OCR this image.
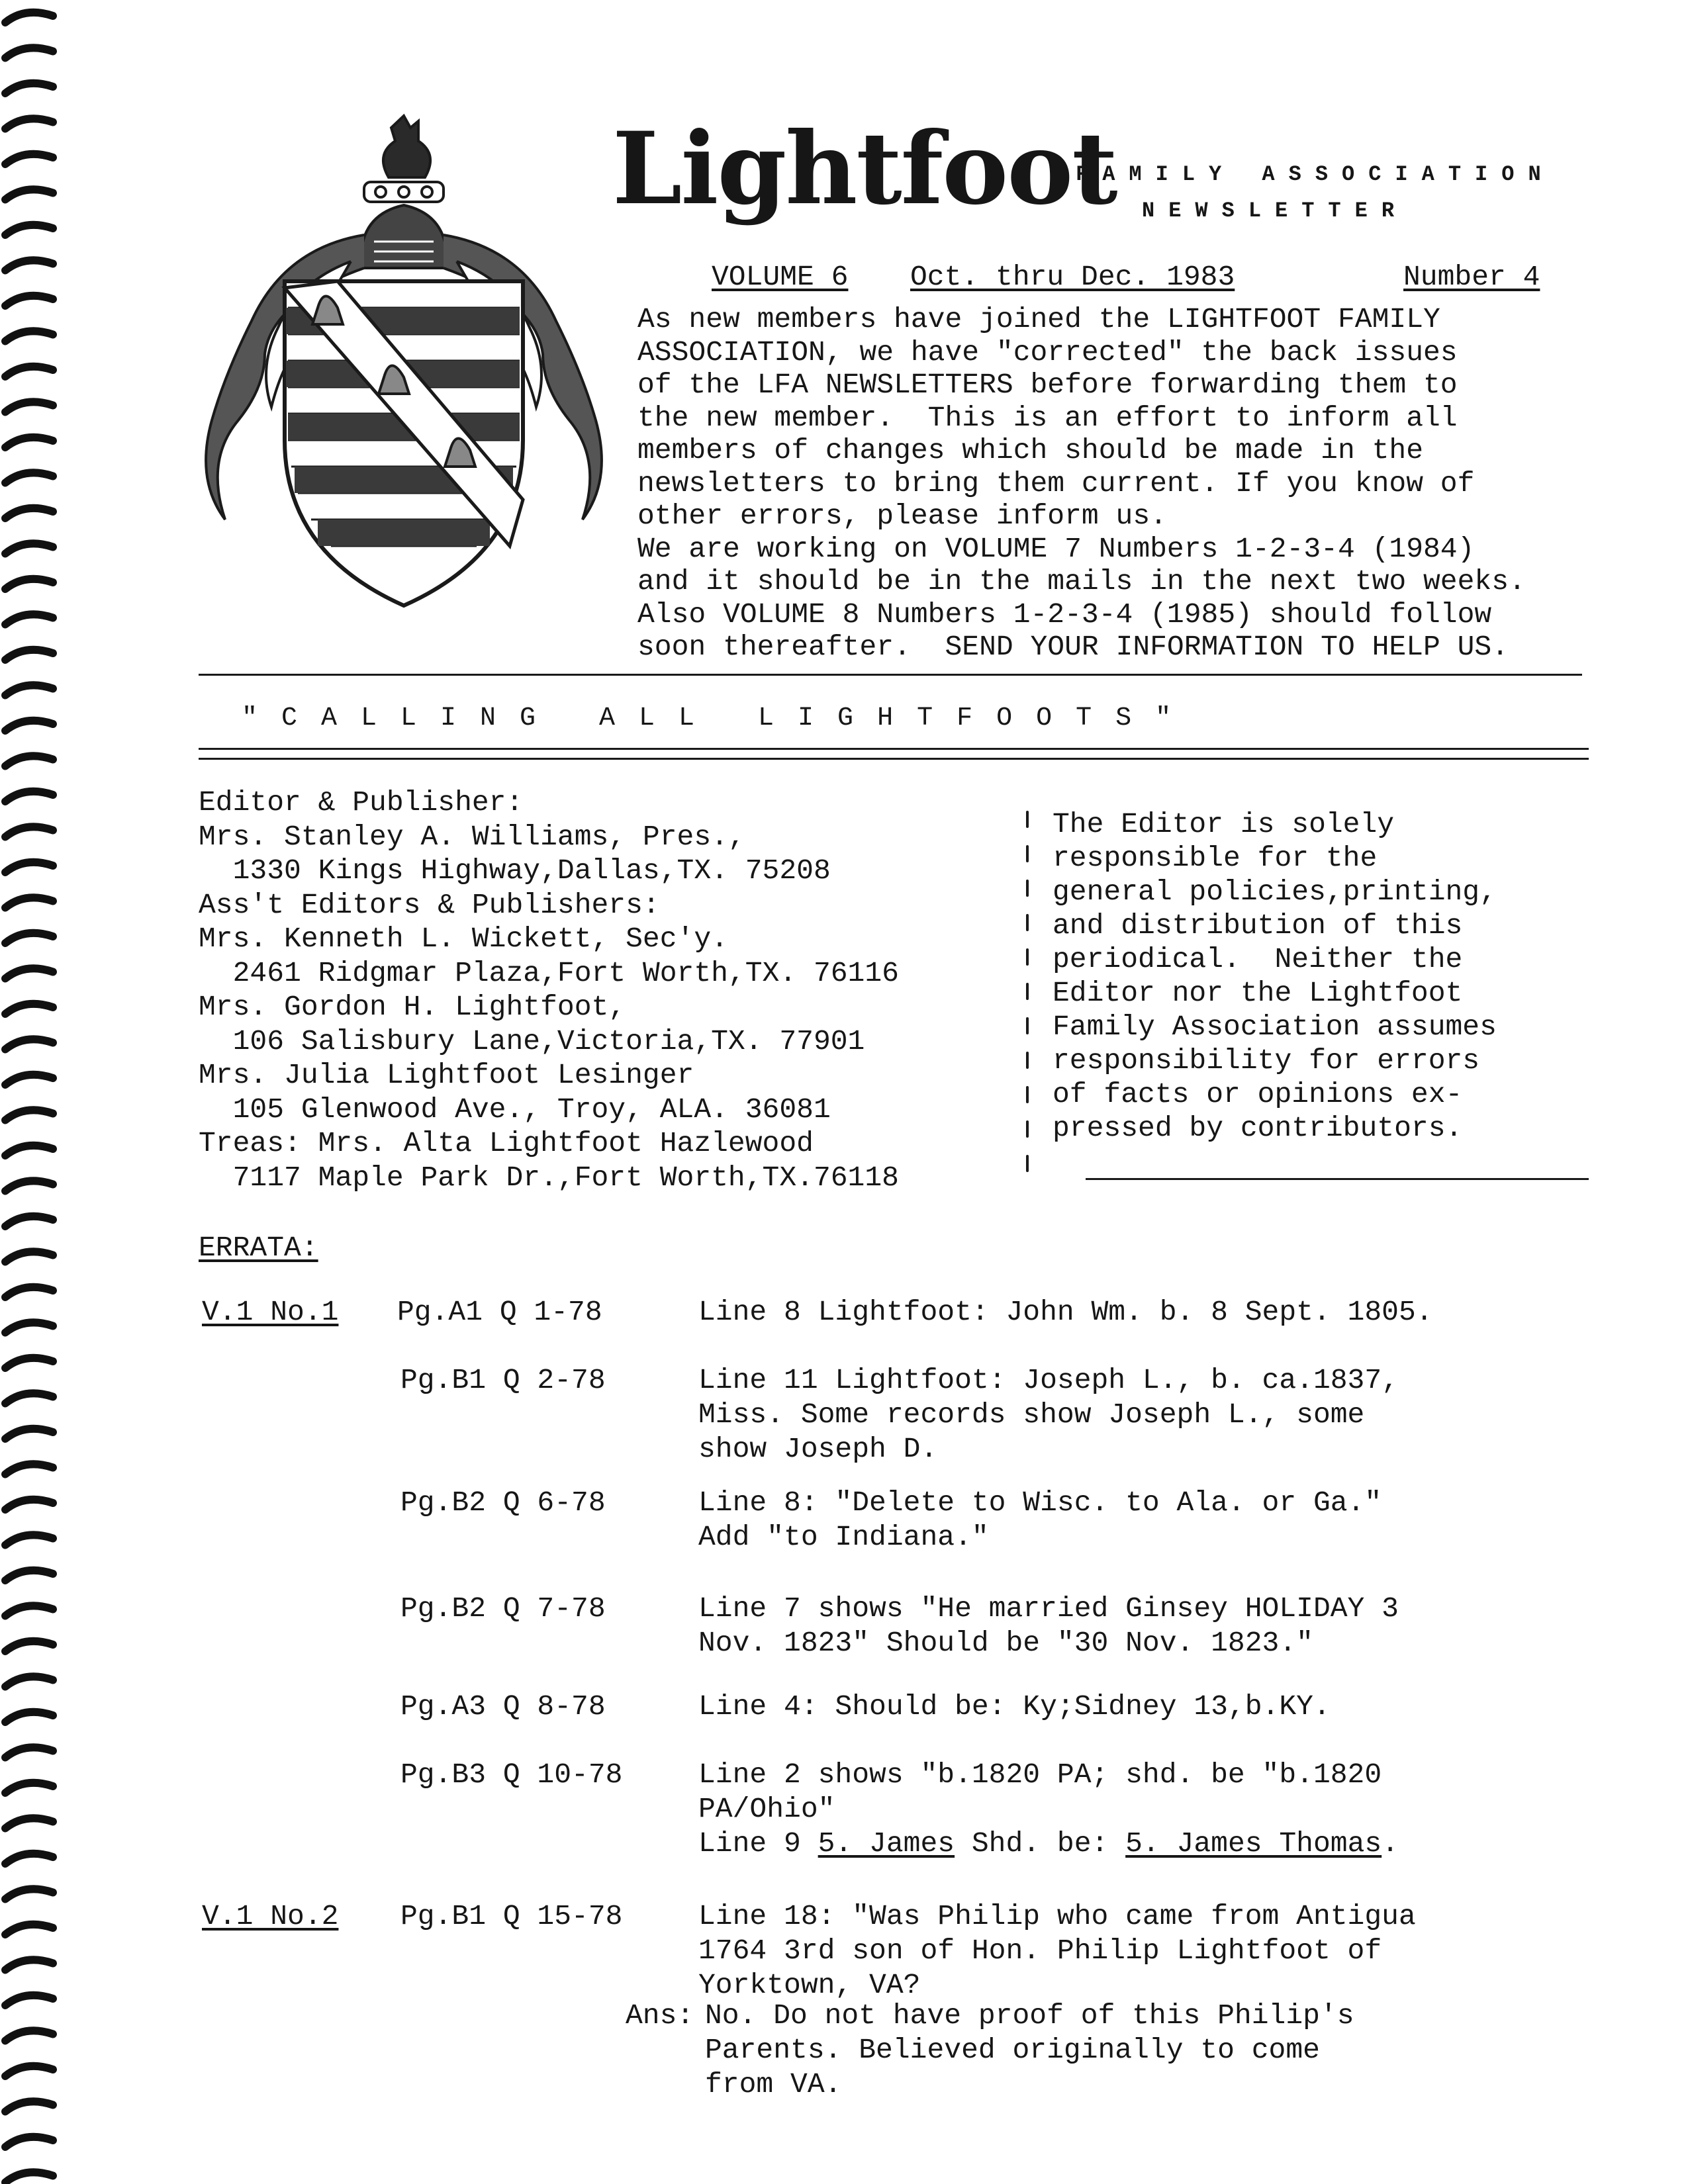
Lightfoot
FAMILY ASSOCIATION
NEWSLETTER
VOLUME 6 Oct. thru Dec. 1983	Number 4
As new members have joined the LIGHTFOOT FAMILY
ASSOCIATION, we have "corrected" the back issues
of the LFA NEWSLETTERS before forwarding them to
the new member.  This is an effort to inform all
members of changes which should be made in the
newsletters to bring them current. If you know of
other errors, please inform us.
We are working on VOLUME 7 Numbers 1-2-3-4 (1984)
and it should be in the mails in the next two weeks.
Also VOLUME 8 Numbers 1-2-3-4 (1985) should follow
soon thereafter.  SEND YOUR INFORMATION TO HELP US.
"CALLING ALL LIGHTFOOTS"
Editor & Publisher:
Mrs. Stanley A. Williams, Pres.,
1330 Kings Highway,Dallas,TX. 75208
Ass't Editors & Publishers:
Mrs. Kenneth L. Wickett, Sec'y.
2461 Ridgmar Plaza,Fort Worth,TX. 76116
Mrs. Gordon H. Lightfoot,
106 Salisbury Lane,Victoria,TX. 77901
Mrs. Julia Lightfoot Lesinger
105 Glenwood Ave., Troy, ALA. 36081
Treas: Mrs. Alta Lightfoot Hazlewood
7117 Maple Park Dr.,Fort Worth,TX.76118
The Editor is solely
responsible for the
general policies,printing,
and distribution of this
periodical.  Neither the
Editor nor the Lightfoot
Family Association assumes
responsibility for errors
of facts or opinions ex-
pressed by contributors.
ERRATA:
V.1 No.1 Pg.A1 Q 1-78	Line 8 Lightfoot: John Wm. b. 8 Sept. 1805.
Pg.B1 Q 2-78	Line 11 Lightfoot: Joseph L., b. ca.1837,
Miss. Some records show Joseph L., some
show Joseph D.
Pg.B2 Q 6-78	Line 8: "Delete to Wisc. to Ala. or Ga."
Add "to Indiana."
Pg.B2 Q 7-78	Line 7 shows "He married Ginsey HOLIDAY 3
Nov. 1823" Should be "30 Nov. 1823."
Pg.A3 Q 8-78	Line 4: Should be: Ky;Sidney 13,b.KY.
Pg.B3 Q 10-78	Line 2 shows "b.1820 PA; shd. be "b.1820
PA/Ohio"
Line 9 5. James Shd. be: 5. James Thomas.
V.1 No.2 Pg.B1 Q 15-78	Line 18: "Was Philip who came from Antigua
1764 3rd son of Hon. Philip Lightfoot of
Yorktown, VA?
Ans: No. Do not have proof of this Philip's
Parents. Believed originally to come
from VA.
